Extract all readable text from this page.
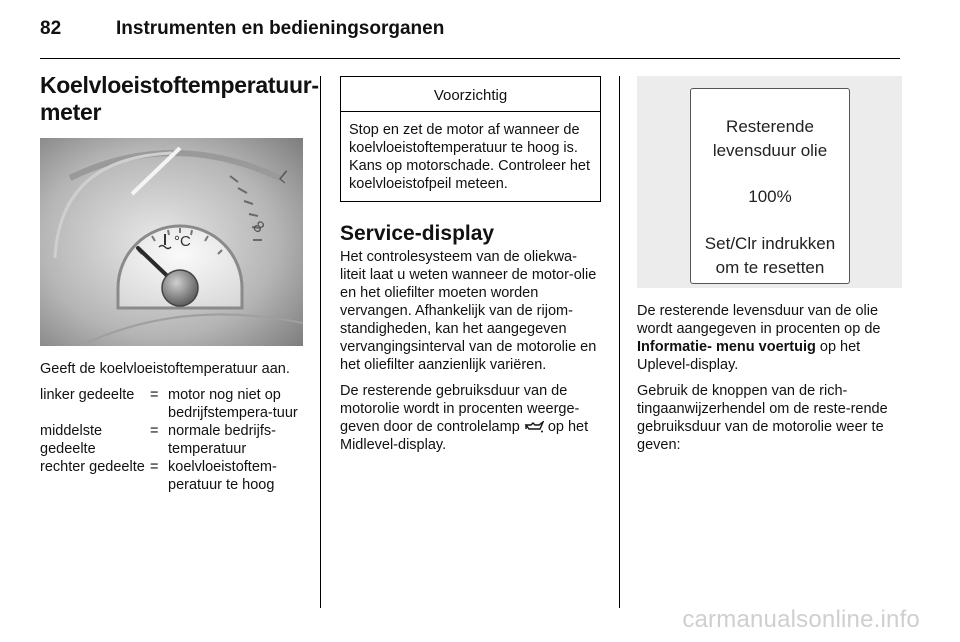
82	Instrumenten en bedieningsorganen
Koelvloeistoftemperatuur-
meter
L
8
°C

Geeft de koelvloeistoftemperatuur aan.

linker gedeelte	= motor nog niet op bedrijfstempera-tuur
middelste gedeelte
= normale bedrijfs-temperatuur
rechter gedeelte = koelvloeistoftem-peratuur te hoog
Voorzichtig
Stop en zet de motor af wanneer de koelvloeistoftemperatuur te hoog is. Kans op motorschade. Controleer het koelvloeistofpeil meteen.
Service-display

Het controlesysteem van de oliekwa-liteit laat u weten wanneer de motor-olie en het oliefilter moeten worden vervangen. Afhankelijk van de rijom-standigheden, kan het aangegeven vervangingsinterval van de motorolie en het oliefilter aanzienlijk variëren.

De resterende gebruiksduur van de motorolie wordt in procenten weerge-geven door de controlelamp op het Midlevel-display.

Resterende
levensduur olie
100%
Set/Clr indrukken
om te resetten

De resterende levensduur van de olie wordt aangegeven in procenten op de Informatie- menu voertuig op het Uplevel-display.

Gebruik de knoppen van de rich-tingaanwijzerhendel om de reste-rende gebruiksduur van de motorolie weer te geven:

carmanualsonline.info
